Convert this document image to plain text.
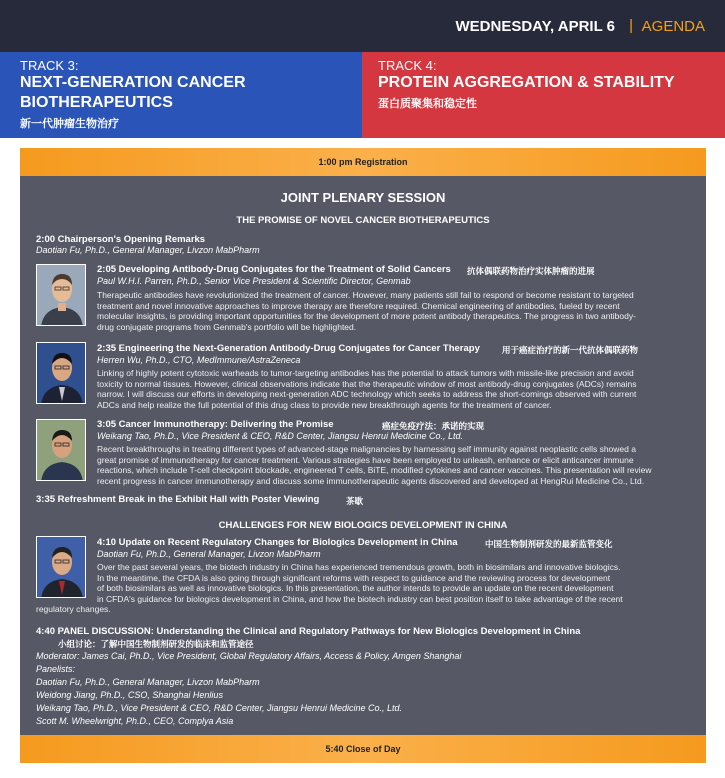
WEDNESDAY, APRIL 6 | AGENDA
TRACK 3:
NEXT-GENERATION CANCER
BIOTHERAPEUTICS
新一代肿瘤生物治疗
TRACK 4:
PROTEIN AGGREGATION & STABILITY
蛋白质聚集和稳定性
1:00 pm Registration
JOINT PLENARY SESSION
THE PROMISE OF NOVEL CANCER BIOTHERAPEUTICS
2:00 Chairperson's Opening Remarks
Daotian Fu, Ph.D., General Manager, Livzon MabPharm
2:05 Developing Antibody-Drug Conjugates for the Treatment of Solid Cancers 抗体偶联药物治疗实体肿瘤的进展
Paul W.H.I. Parren, Ph.D., Senior Vice President & Scientific Director, Genmab
Therapeutic antibodies have revolutionized the treatment of cancer. However, many patients still fail to respond or become resistant to targeted
treatment and novel innovative approaches to improve therapy are therefore required. Chemical engineering of antibodies, fueled by recent
molecular insights, is providing important opportunities for the development of more potent antibody therapeutics. The progress in two antibody-
drug conjugate programs from Genmab's portfolio will be highlighted.
2:35 Engineering the Next-Generation Antibody-Drug Conjugates for Cancer Therapy	用于癌症治疗的新一代抗体偶联药物
Herren Wu, Ph.D., CTO, MedImmune/AstraZeneca
Linking of highly potent cytotoxic warheads to tumor-targeting antibodies has the potential to attack tumors with missile-like precision and avoid
toxicity to normal tissues. However, clinical observations indicate that the therapeutic window of most antibody-drug conjugates (ADCs) remains
narrow. I will discuss our efforts in developing next-generation ADC technology which seeks to address the short-comings observed with current
ADCs and help realize the full potential of this drug class to provide new breakthrough agents for the treatment of cancer.
3:05 Cancer Immunotherapy: Delivering the Promise	癌症免疫疗法：承诺的实现
Weikang Tao, Ph.D., Vice President & CEO, R&D Center, Jiangsu Henrui Medicine Co., Ltd.
Recent breakthroughs in treating different types of advanced-stage malignancies by harnessing self immunity against neoplastic cells showed a
great promise of immunotherapy for cancer treatment. Various strategies have been employed to unleash, enhance or elicit anticancer immune
reactions, which include T-cell checkpoint blockade, engineered T cells, BiTE, modified cytokines and cancer vaccines. This presentation will review
recent progress in cancer immunotherapy and discuss some immunotherapeutic agents discovered and developed at HengRui Medicine Co., Ltd.
3:35 Refreshment Break in the Exhibit Hall with Poster Viewing	茶歇
CHALLENGES FOR NEW BIOLOGICS DEVELOPMENT IN CHINA
4:10 Update on Recent Regulatory Changes for Biologics Development in China	中国生物制剂研发的最新监管变化
Daotian Fu, Ph.D., General Manager, Livzon MabPharm
Over the past several years, the biotech industry in China has experienced tremendous growth, both in biosimilars and innovative biologics.
In the meantime, the CFDA is also going through significant reforms with respect to guidance and the reviewing process for development
of both biosimilars as well as innovative biologics. In this presentation, the author intends to provide an update on the recent development
in CFDA's guidance for biologics development in China, and how the biotech industry can best position itself to take advantage of the recent
regulatory changes.
4:40 PANEL DISCUSSION: Understanding the Clinical and Regulatory Pathways for New Biologics Development in China
小组讨论：了解中国生物制剂研发的临床和监管途径
Moderator: James Cai, Ph.D., Vice President, Global Regulatory Affairs, Access & Policy, Amgen Shanghai
Panelists:
Daotian Fu, Ph.D., General Manager, Livzon MabPharm
Weidong Jiang, Ph.D., CSO, Shanghai Henlius
Weikang Tao, Ph.D., Vice President & CEO, R&D Center, Jiangsu Henrui Medicine Co., Ltd.
Scott M. Wheelwright, Ph.D., CEO, Complya Asia
5:40 Close of Day
